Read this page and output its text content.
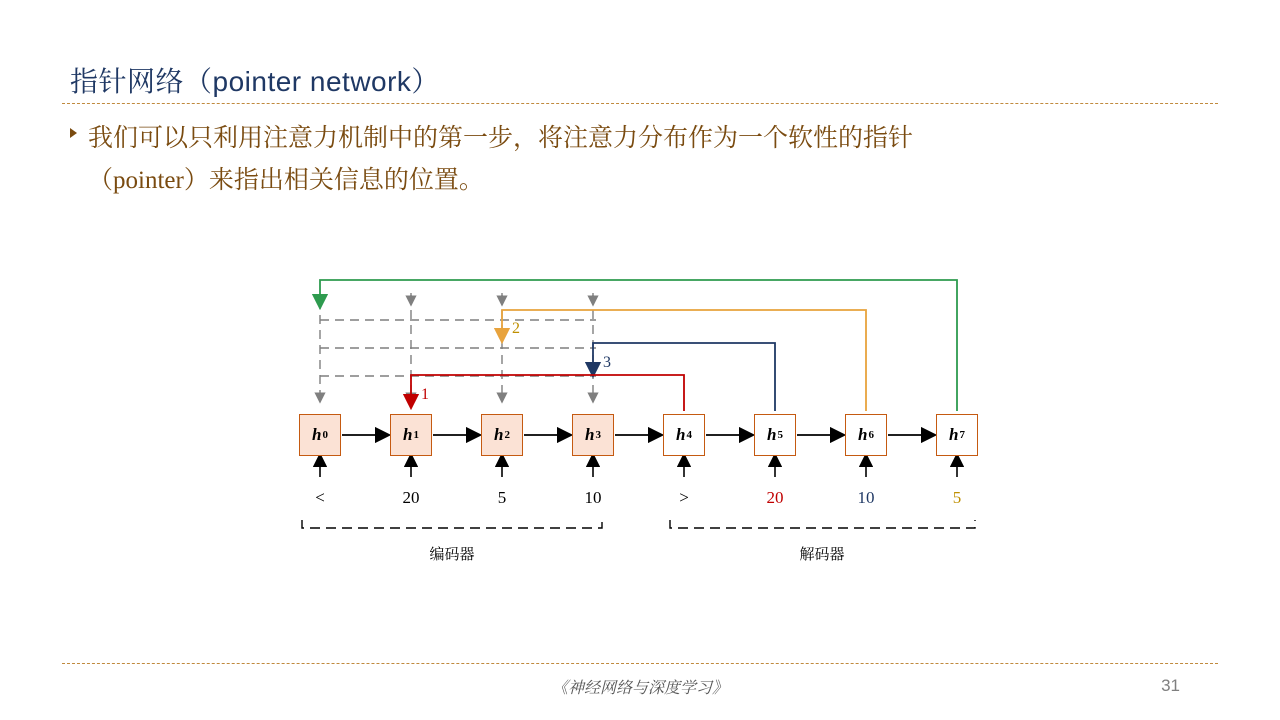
指针网络（pointer network）
我们可以只利用注意力机制中的第一步，将注意力分布作为一个软性的指针
（pointer）来指出相关信息的位置。
h 0	h 1	h 2	h 3	h 4	h 5	h 6	h 7
<	20	5	10	>	20	10	5
1
2
3
编码器	解码器
《神经网络与深度学习》	31
